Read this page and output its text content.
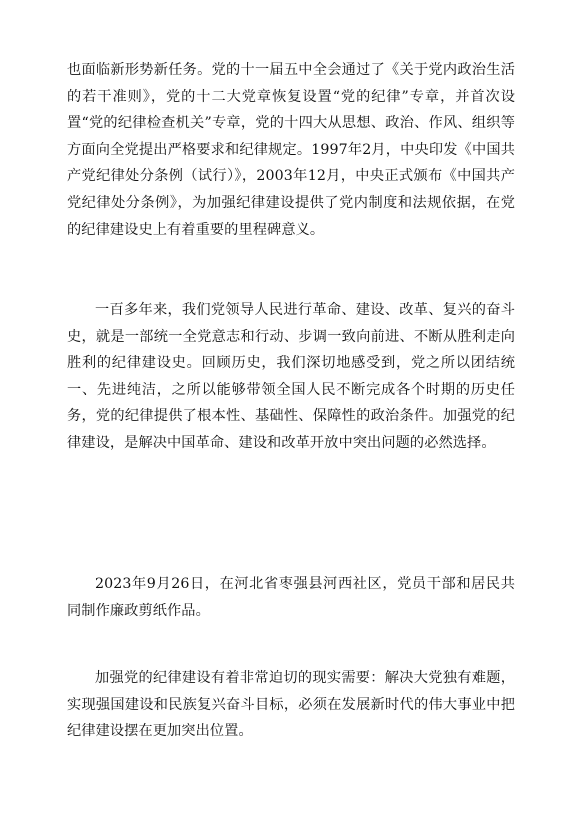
也面临新形势新任务。党的十一届五中全会通过了《关于党内政治生活的若干准则》，党的十二大党章恢复设置“党的纪律”专章，并首次设置“党的纪律检查机关”专章，党的十四大从思想、政治、作风、组织等方面向全党提出严格要求和纪律规定。1997年2月，中央印发《中国共产党纪律处分条例（试行）》，2003年12月，中央正式颁布《中国共产党纪律处分条例》，为加强纪律建设提供了党内制度和法规依据，在党的纪律建设史上有着重要的里程碑意义。

一百多年来，我们党领导人民进行革命、建设、改革、复兴的奋斗史，就是一部统一全党意志和行动、步调一致向前进、不断从胜利走向胜利的纪律建设史。回顾历史，我们深切地感受到，党之所以团结统一、先进纯洁，之所以能够带领全国人民不断完成各个时期的历史任务，党的纪律提供了根本性、基础性、保障性的政治条件。加强党的纪律建设，是解决中国革命、建设和改革开放中突出问题的必然选择。

2023年9月26日，在河北省枣强县河西社区，党员干部和居民共同制作廉政剪纸作品。

加强党的纪律建设有着非常迫切的现实需要：解决大党独有难题，实现强国建设和民族复兴奋斗目标，必须在发展新时代的伟大事业中把纪律建设摆在更加突出位置。
